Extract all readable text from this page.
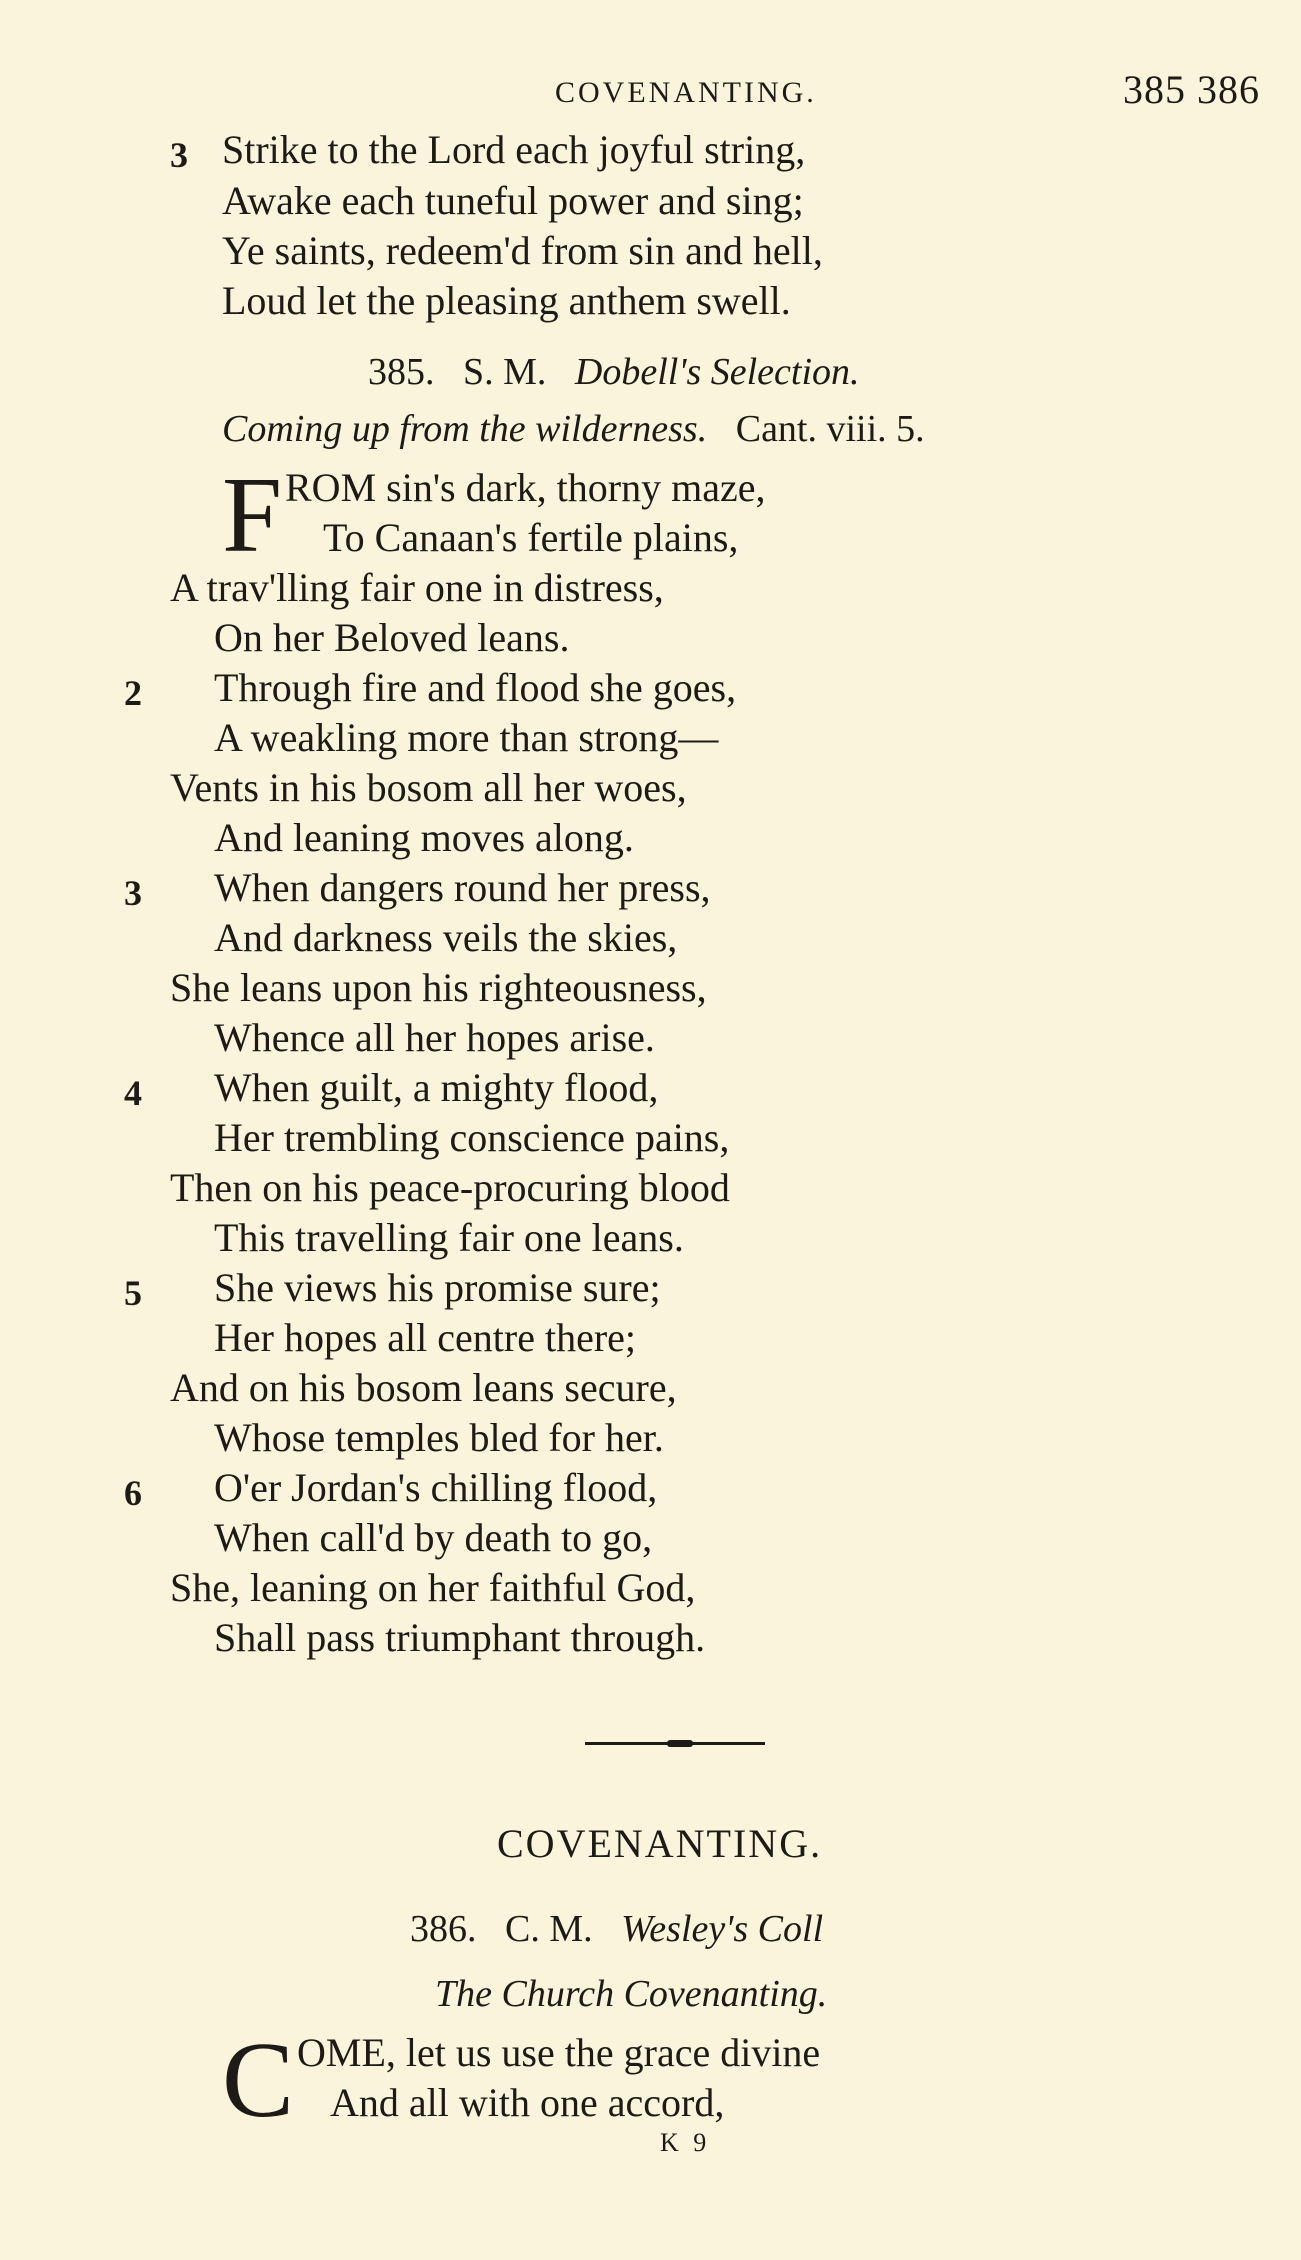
COVENANTING.	385 386
3 Strike to the Lord each joyful string,
Awake each tuneful power and sing;
Ye saints, redeem'd from sin and hell,
Loud let the pleasing anthem swell.
385. S. M. Dobell's Selection.
Coming up from the wilderness. Cant. viii. 5.
F ROM sin's dark, thorny maze,
To Canaan's fertile plains,
A trav'lling fair one in distress,
On her Beloved leans.
2 Through fire and flood she goes,
A weakling more than strong—
Vents in his bosom all her woes,
And leaning moves along.
3 When dangers round her press,
And darkness veils the skies,
She leans upon his righteousness,
Whence all her hopes arise.
4 When guilt, a mighty flood,
Her trembling conscience pains,
Then on his peace-procuring blood
This travelling fair one leans.
5 She views his promise sure;
Her hopes all centre there;
And on his bosom leans secure,
Whose temples bled for her.
6 O'er Jordan's chilling flood,
When call'd by death to go,
She, leaning on her faithful God,
Shall pass triumphant through.
COVENANTING.
386. C. M. Wesley's Coll
The Church Covenanting.
C OME, let us use the grace divine
And all with one accord,
K 9
